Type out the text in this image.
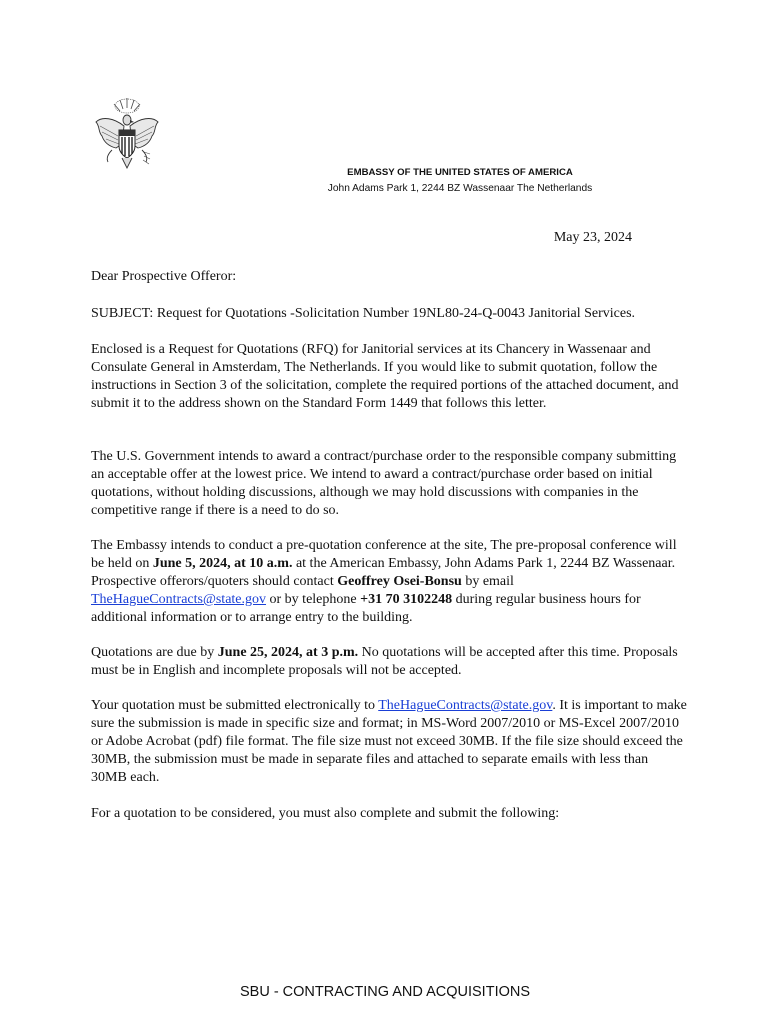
EMBASSY OF THE UNITED STATES OF AMERICA
John Adams Park 1, 2244 BZ Wassenaar The Netherlands
May 23, 2024

Dear Prospective Offeror:

SUBJECT: Request for Quotations -Solicitation Number 19NL80-24-Q-0043 Janitorial Services.

Enclosed is a Request for Quotations (RFQ) for Janitorial services at its Chancery in Wassenaar and Consulate General in Amsterdam, The Netherlands. If you would like to submit quotation, follow the instructions in Section 3 of the solicitation, complete the required portions of the attached document, and submit it to the address shown on the Standard Form 1449 that follows this letter.

The U.S. Government intends to award a contract/purchase order to the responsible company submitting an acceptable offer at the lowest price. We intend to award a contract/purchase order based on initial quotations, without holding discussions, although we may hold discussions with companies in the competitive range if there is a need to do so.

The Embassy intends to conduct a pre-quotation conference at the site, The pre-proposal conference will be held on June 5, 2024, at 10 a.m. at the American Embassy, John Adams Park 1, 2244 BZ Wassenaar. Prospective offerors/quoters should contact Geoffrey Osei-Bonsu by email TheHagueContracts@state.gov or by telephone +31 70 3102248 during regular business hours for additional information or to arrange entry to the building.

Quotations are due by June 25, 2024, at 3 p.m. No quotations will be accepted after this time. Proposals must be in English and incomplete proposals will not be accepted.

Your quotation must be submitted electronically to TheHagueContracts@state.gov. It is important to make sure the submission is made in specific size and format; in MS-Word 2007/2010 or MS-Excel 2007/2010 or Adobe Acrobat (pdf) file format. The file size must not exceed 30MB. If the file size should exceed the 30MB, the submission must be made in separate files and attached to separate emails with less than 30MB each.

For a quotation to be considered, you must also complete and submit the following:

SBU - CONTRACTING AND ACQUISITIONS
